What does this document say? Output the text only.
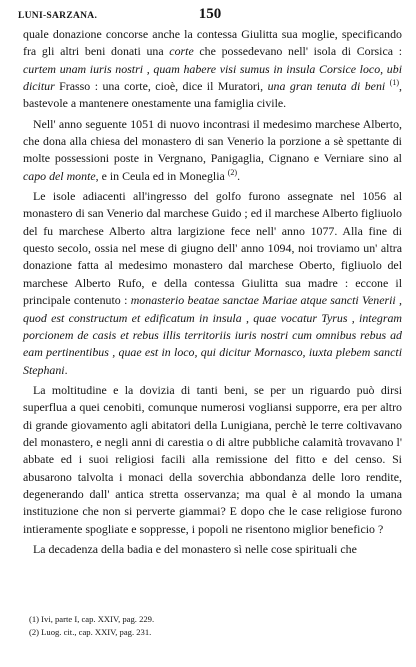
LUNI-SARZANA.	150

quale donazione concorse anche la contessa Giulitta sua moglie, specificando fra gli altri beni donati una corte che possedevano nell' isola di Corsica : curtem unam iuris nostri , quam habere visi sumus in insula Corsice loco, ubi dicitur Frasso : una corte, cioè, dice il Muratori, una gran tenuta di beni $^{(1)}$, bastevole a mantenere onestamente una famiglia civile.

Nell' anno seguente 1051 di nuovo incontrasi il medesimo marchese Alberto, che dona alla chiesa del monastero di san Venerio la porzione a sè spettante di molte possessioni poste in Vergnano, Panigaglia, Cignano e Verniare sino al capo del monte, e in Ceula ed in Moneglia $^{(2)}$.

Le isole adiacenti all'ingresso del golfo furono assegnate nel 1056 al monastero di san Venerio dal marchese Guido ; ed il marchese Alberto figliuolo del fu marchese Alberto altra largizione fece nell' anno 1077. Alla fine di questo secolo, ossia nel mese di giugno dell' anno 1094, noi troviamo un' altra donazione fatta al medesimo monastero dal marchese Oberto, figliuolo del marchese Alberto Rufo, e della contessa Giulitta sua madre : eccone il principale contenuto : monasterio beatae sanctae Mariae atque sancti Venerii , quod est constructum et edificatum in insula , quae vocatur Tyrus , integram porcionem de casis et rebus illis territoriis iuris nostri cum omnibus rebus ad eam pertinentibus , quae est in loco, qui dicitur Mornasco, iuxta plebem sancti Stephani.

La moltitudine e la dovizia di tanti beni, se per un riguardo può dirsi superflua a quei cenobiti, comunque numerosi vogliansi supporre, era per altro di grande giovamento agli abitatori della Lunigiana, perchè le terre coltivavano del monastero, e negli anni di carestia o di altre pubbliche calamità trovavano l' abbate ed i suoi religiosi facili alla remissione del fitto e del censo. Si abusarono talvolta i monaci della soverchia abbondanza delle loro rendite, degenerando dall' antica stretta osservanza; ma qual è al mondo la umana instituzione che non si perverte giammai? E dopo che le case religiose furono intieramente spogliate e soppresse, i popoli ne risentono miglior beneficio ?

La decadenza della badia e del monastero sì nelle cose spirituali che

(1) Ivi, parte I, cap. XXIV, pag. 229.

(2) Luog. cit., cap. XXIV, pag. 231.
